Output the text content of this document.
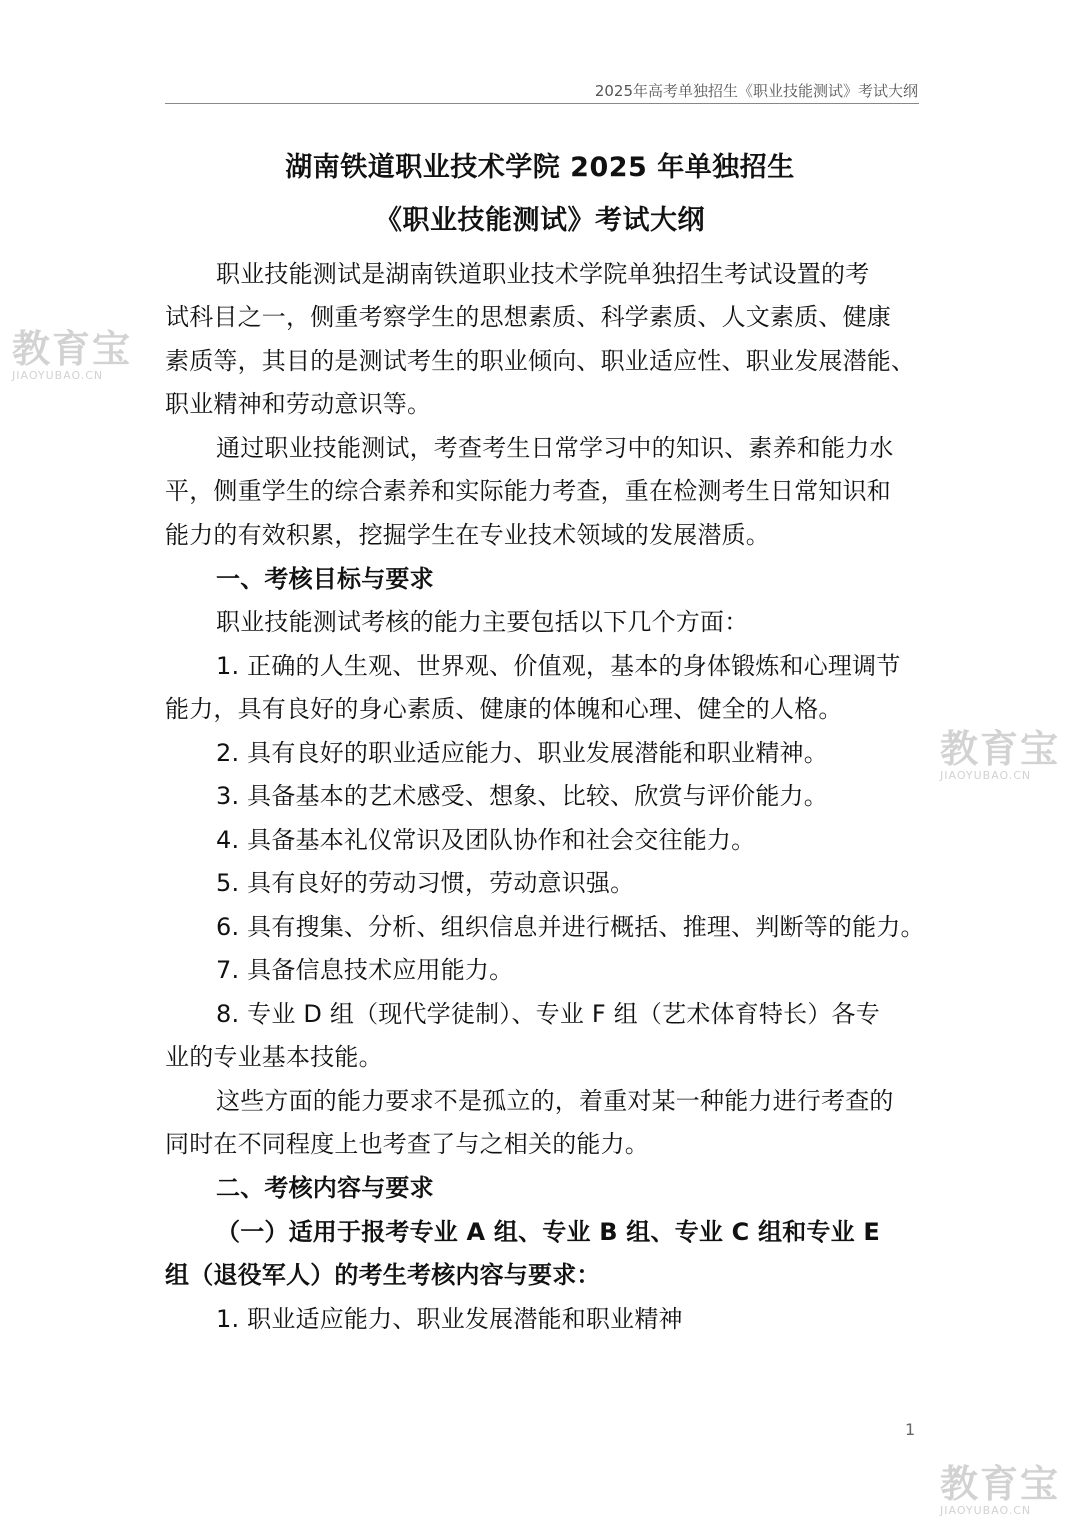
2025年高考单独招生《职业技能测试》考试大纲
湖南铁道职业技术学院 2025 年单独招生
《职业技能测试》考试大纲
职业技能测试是湖南铁道职业技术学院单独招生考试设置的考
试科目之一，侧重考察学生的思想素质、科学素质、人文素质、健康
素质等，其目的是测试考生的职业倾向、职业适应性、职业发展潜能、
职业精神和劳动意识等。
通过职业技能测试，考查考生日常学习中的知识、素养和能力水
平，侧重学生的综合素养和实际能力考查，重在检测考生日常知识和
能力的有效积累，挖掘学生在专业技术领域的发展潜质。
一、考核目标与要求
职业技能测试考核的能力主要包括以下几个方面：
1. 正确的人生观、世界观、价值观，基本的身体锻炼和心理调节
能力，具有良好的身心素质、健康的体魄和心理、健全的人格。
2. 具有良好的职业适应能力、职业发展潜能和职业精神。
3. 具备基本的艺术感受、想象、比较、欣赏与评价能力。
4. 具备基本礼仪常识及团队协作和社会交往能力。
5. 具有良好的劳动习惯，劳动意识强。
6. 具有搜集、分析、组织信息并进行概括、推理、判断等的能力。
7. 具备信息技术应用能力。
8. 专业 D 组（现代学徒制）、专业 F 组（艺术体育特长）各专
业的专业基本技能。
这些方面的能力要求不是孤立的，着重对某一种能力进行考查的
同时在不同程度上也考查了与之相关的能力。
二、考核内容与要求
（一）适用于报考专业 A 组、专业 B 组、专业 C 组和专业 E
组（退役军人）的考生考核内容与要求：
1. 职业适应能力、职业发展潜能和职业精神
教育宝
JIAOYUBAO.CN
教育宝
JIAOYUBAO.CN
教育宝
JIAOYUBAO.CN
1
